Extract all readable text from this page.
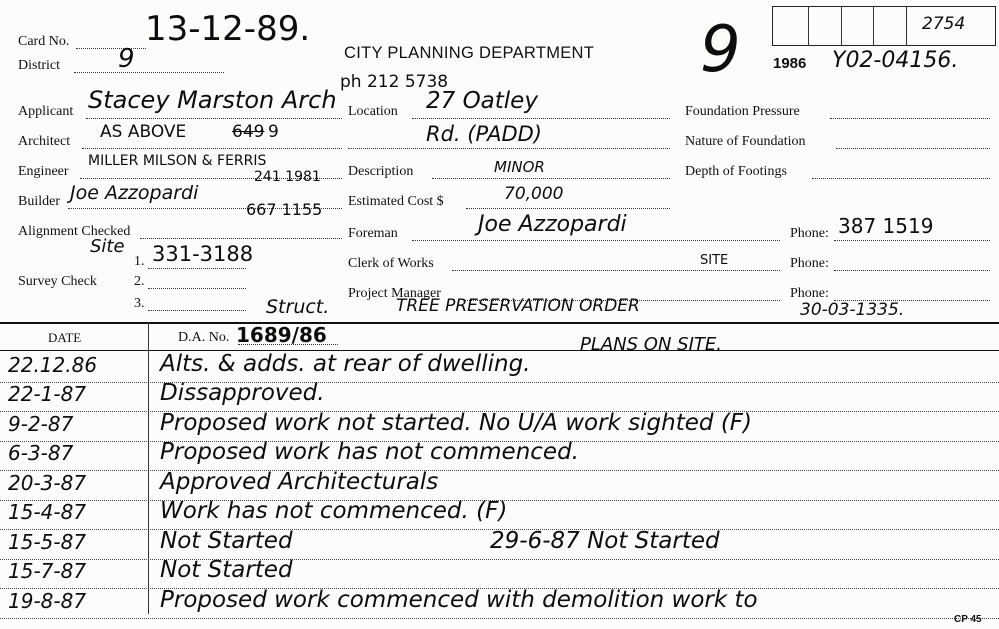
Card No. 13-12-89.
District 9	CITY PLANNING DEPARTMENT 9	2754
1986 Y02-04156.
ph 212 5738
Applicant Stacey Marston Arch
Architect AS ABOVE	649 9
Engineer
MILLER MILSON & FERRIS
241 1981
Builder Joe Azzopardi
667 1155
Alignment Checked
Site
1. 331-3188
Survey Check	2.
3.	Struct.
Location 27 Oatley
Rd. (PADD)
Description	MINOR
Estimated Cost $	70,000
Foreman	Joe Azzopardi
Clerk of Works	SITE
Project Manager
TREE PRESERVATION ORDER
Foundation Pressure
Nature of Foundation
Depth of Footings
Phone: 387 1519
Phone:
Phone:
30-03-1335.
DATE	D.A. No. 1689/86	PLANS ON SITE.
22.12.86	Alts. & adds. at rear of dwelling.
22-1-87	Dissapproved.
9-2-87	Proposed work not started. No U/A work sighted (F)
6-3-87	Proposed work has not commenced.
20-3-87	Approved Architecturals
15-4-87	Work has not commenced. (F)
15-5-87	Not Started	29-6-87 Not Started
15-7-87	Not Started
19-8-87	Proposed work commenced with demolition work to
CP 45
